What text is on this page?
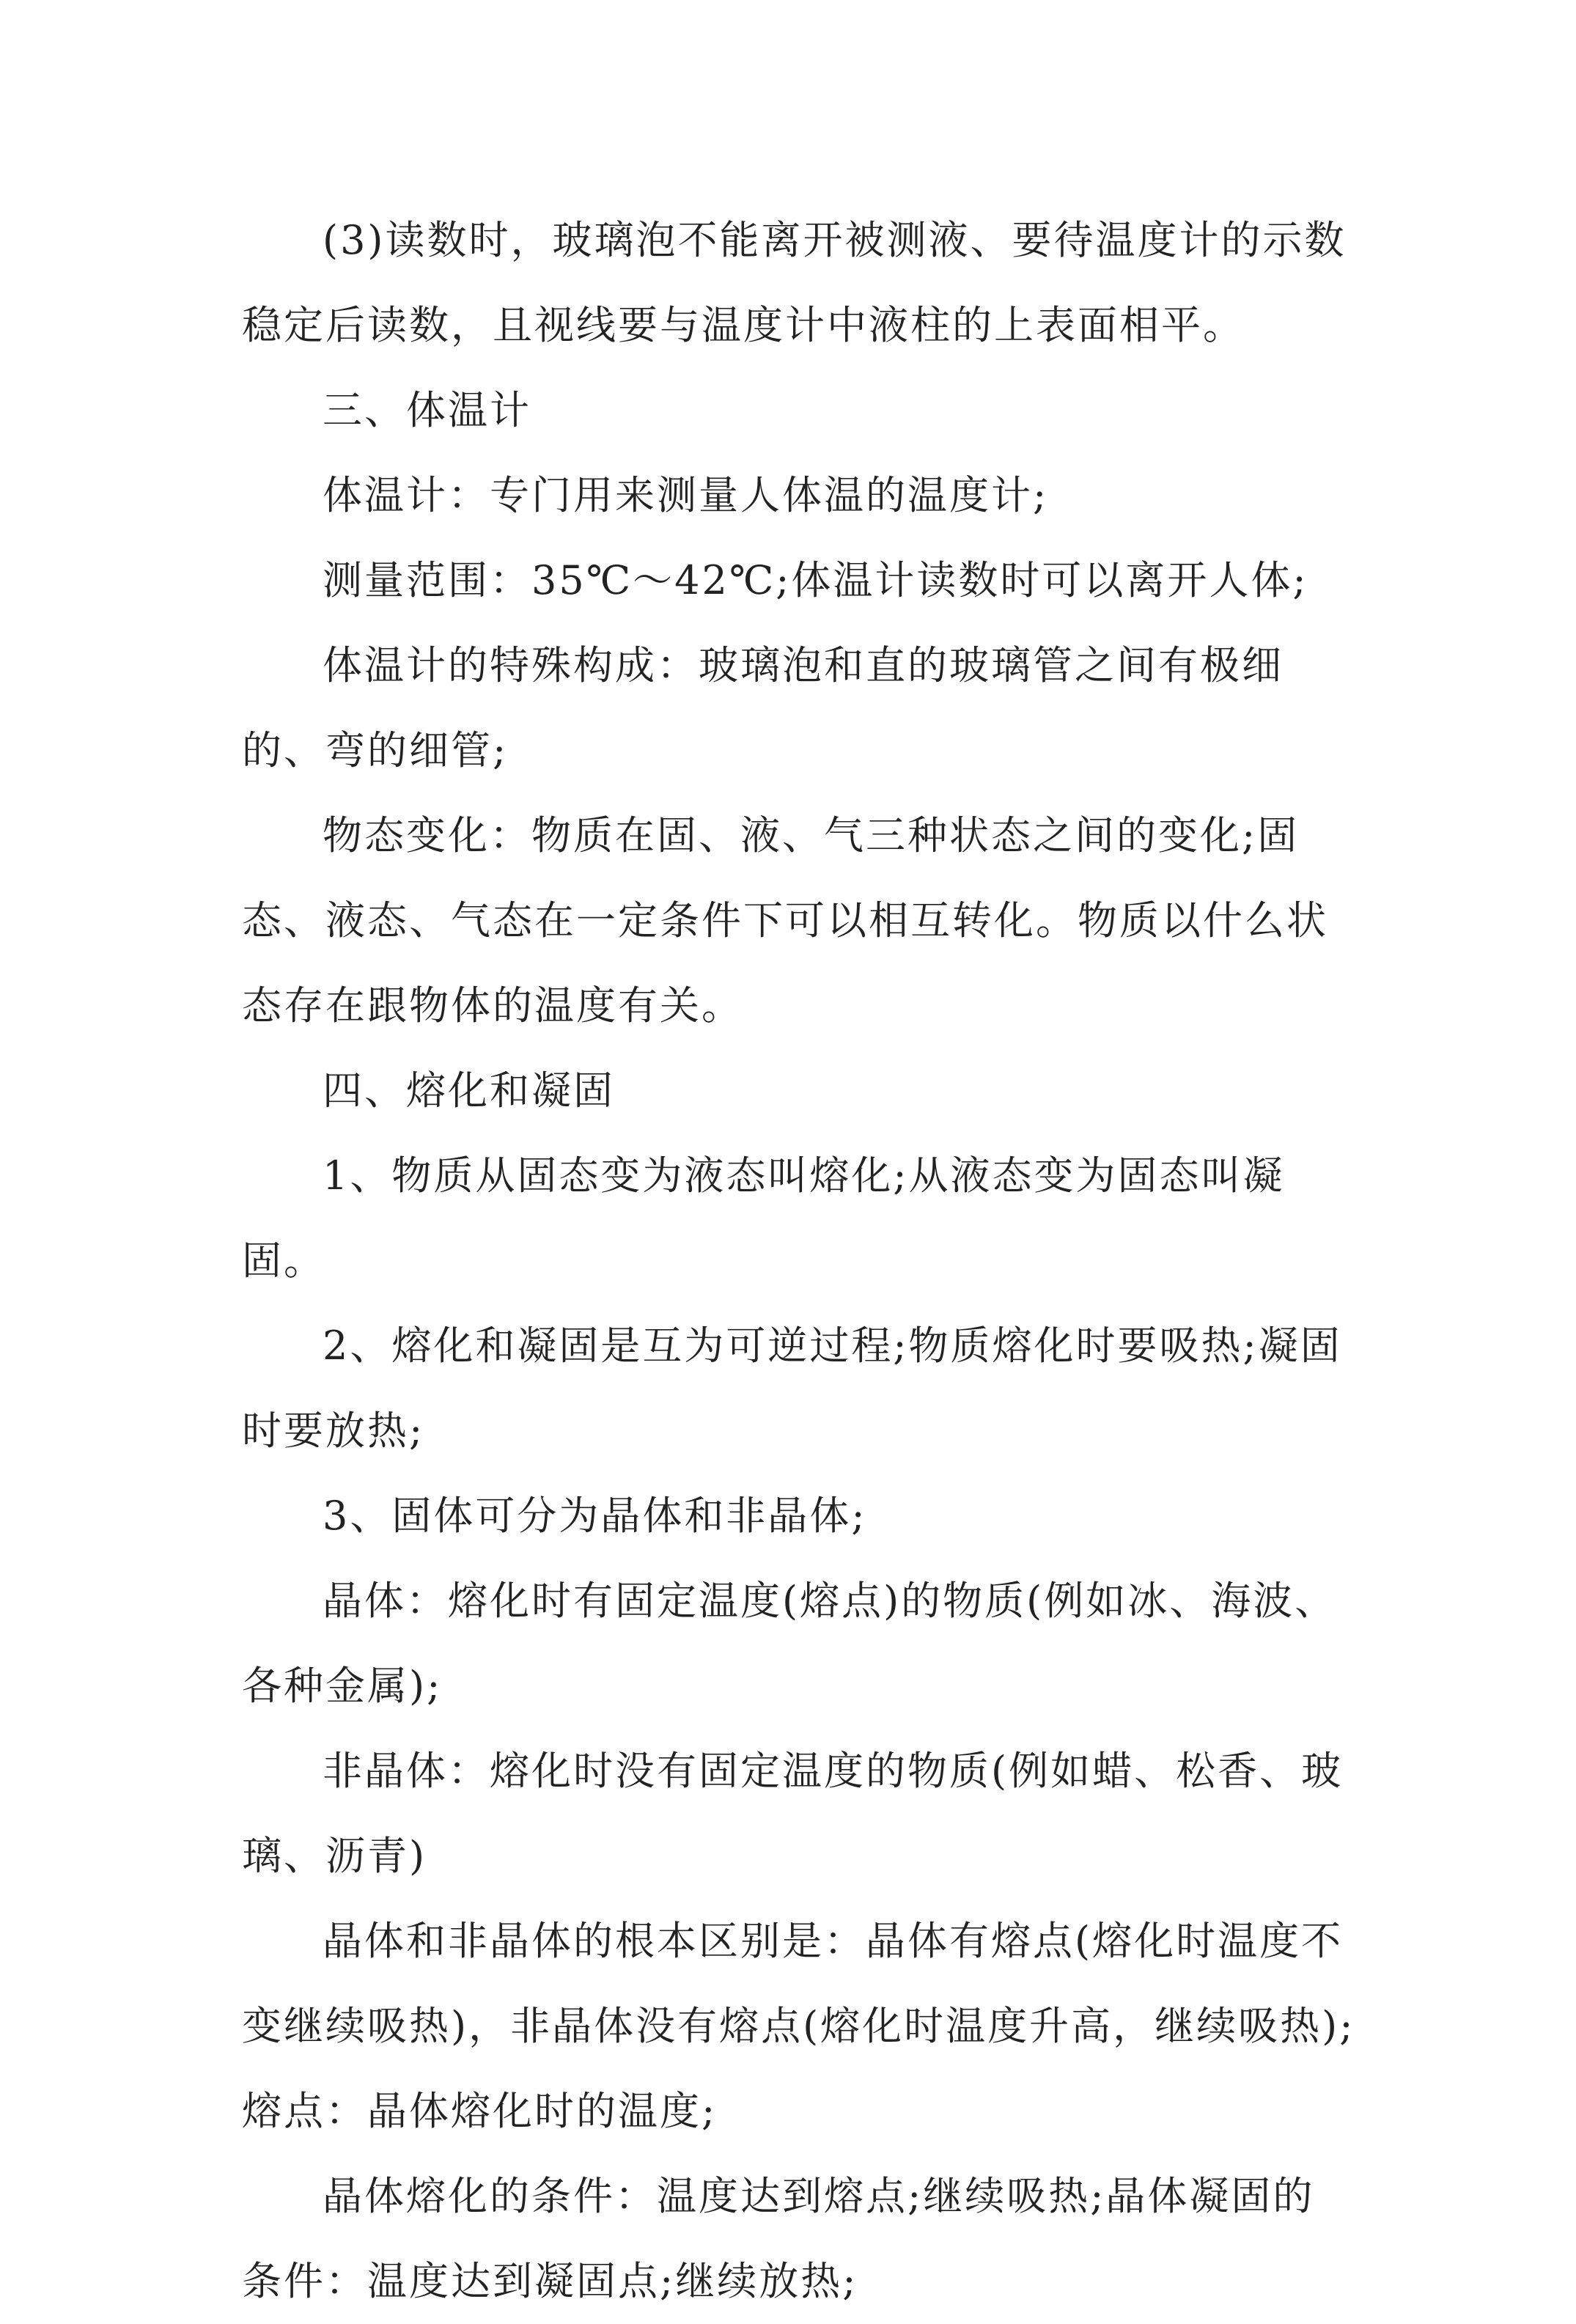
(3)读数时，玻璃泡不能离开被测液、要待温度计的示数稳定后读数，且视线要与温度计中液柱的上表面相平。

三、体温计

体温计：专门用来测量人体温的温度计;

测量范围：35℃～42℃;体温计读数时可以离开人体;

体温计的特殊构成：玻璃泡和直的玻璃管之间有极细的、弯的细管;

物态变化：物质在固、液、气三种状态之间的变化;固态、液态、气态在一定条件下可以相互转化。物质以什么状态存在跟物体的温度有关。

四、熔化和凝固

1、物质从固态变为液态叫熔化;从液态变为固态叫凝固。

2、熔化和凝固是互为可逆过程;物质熔化时要吸热;凝固时要放热;

3、固体可分为晶体和非晶体;

晶体：熔化时有固定温度(熔点)的物质(例如冰、海波、各种金属);

非晶体：熔化时没有固定温度的物质(例如蜡、松香、玻璃、沥青)

晶体和非晶体的根本区别是：晶体有熔点(熔化时温度不变继续吸热)，非晶体没有熔点(熔化时温度升高，继续吸热);熔点：晶体熔化时的温度;

晶体熔化的条件：温度达到熔点;继续吸热;晶体凝固的条件：温度达到凝固点;继续放热;
